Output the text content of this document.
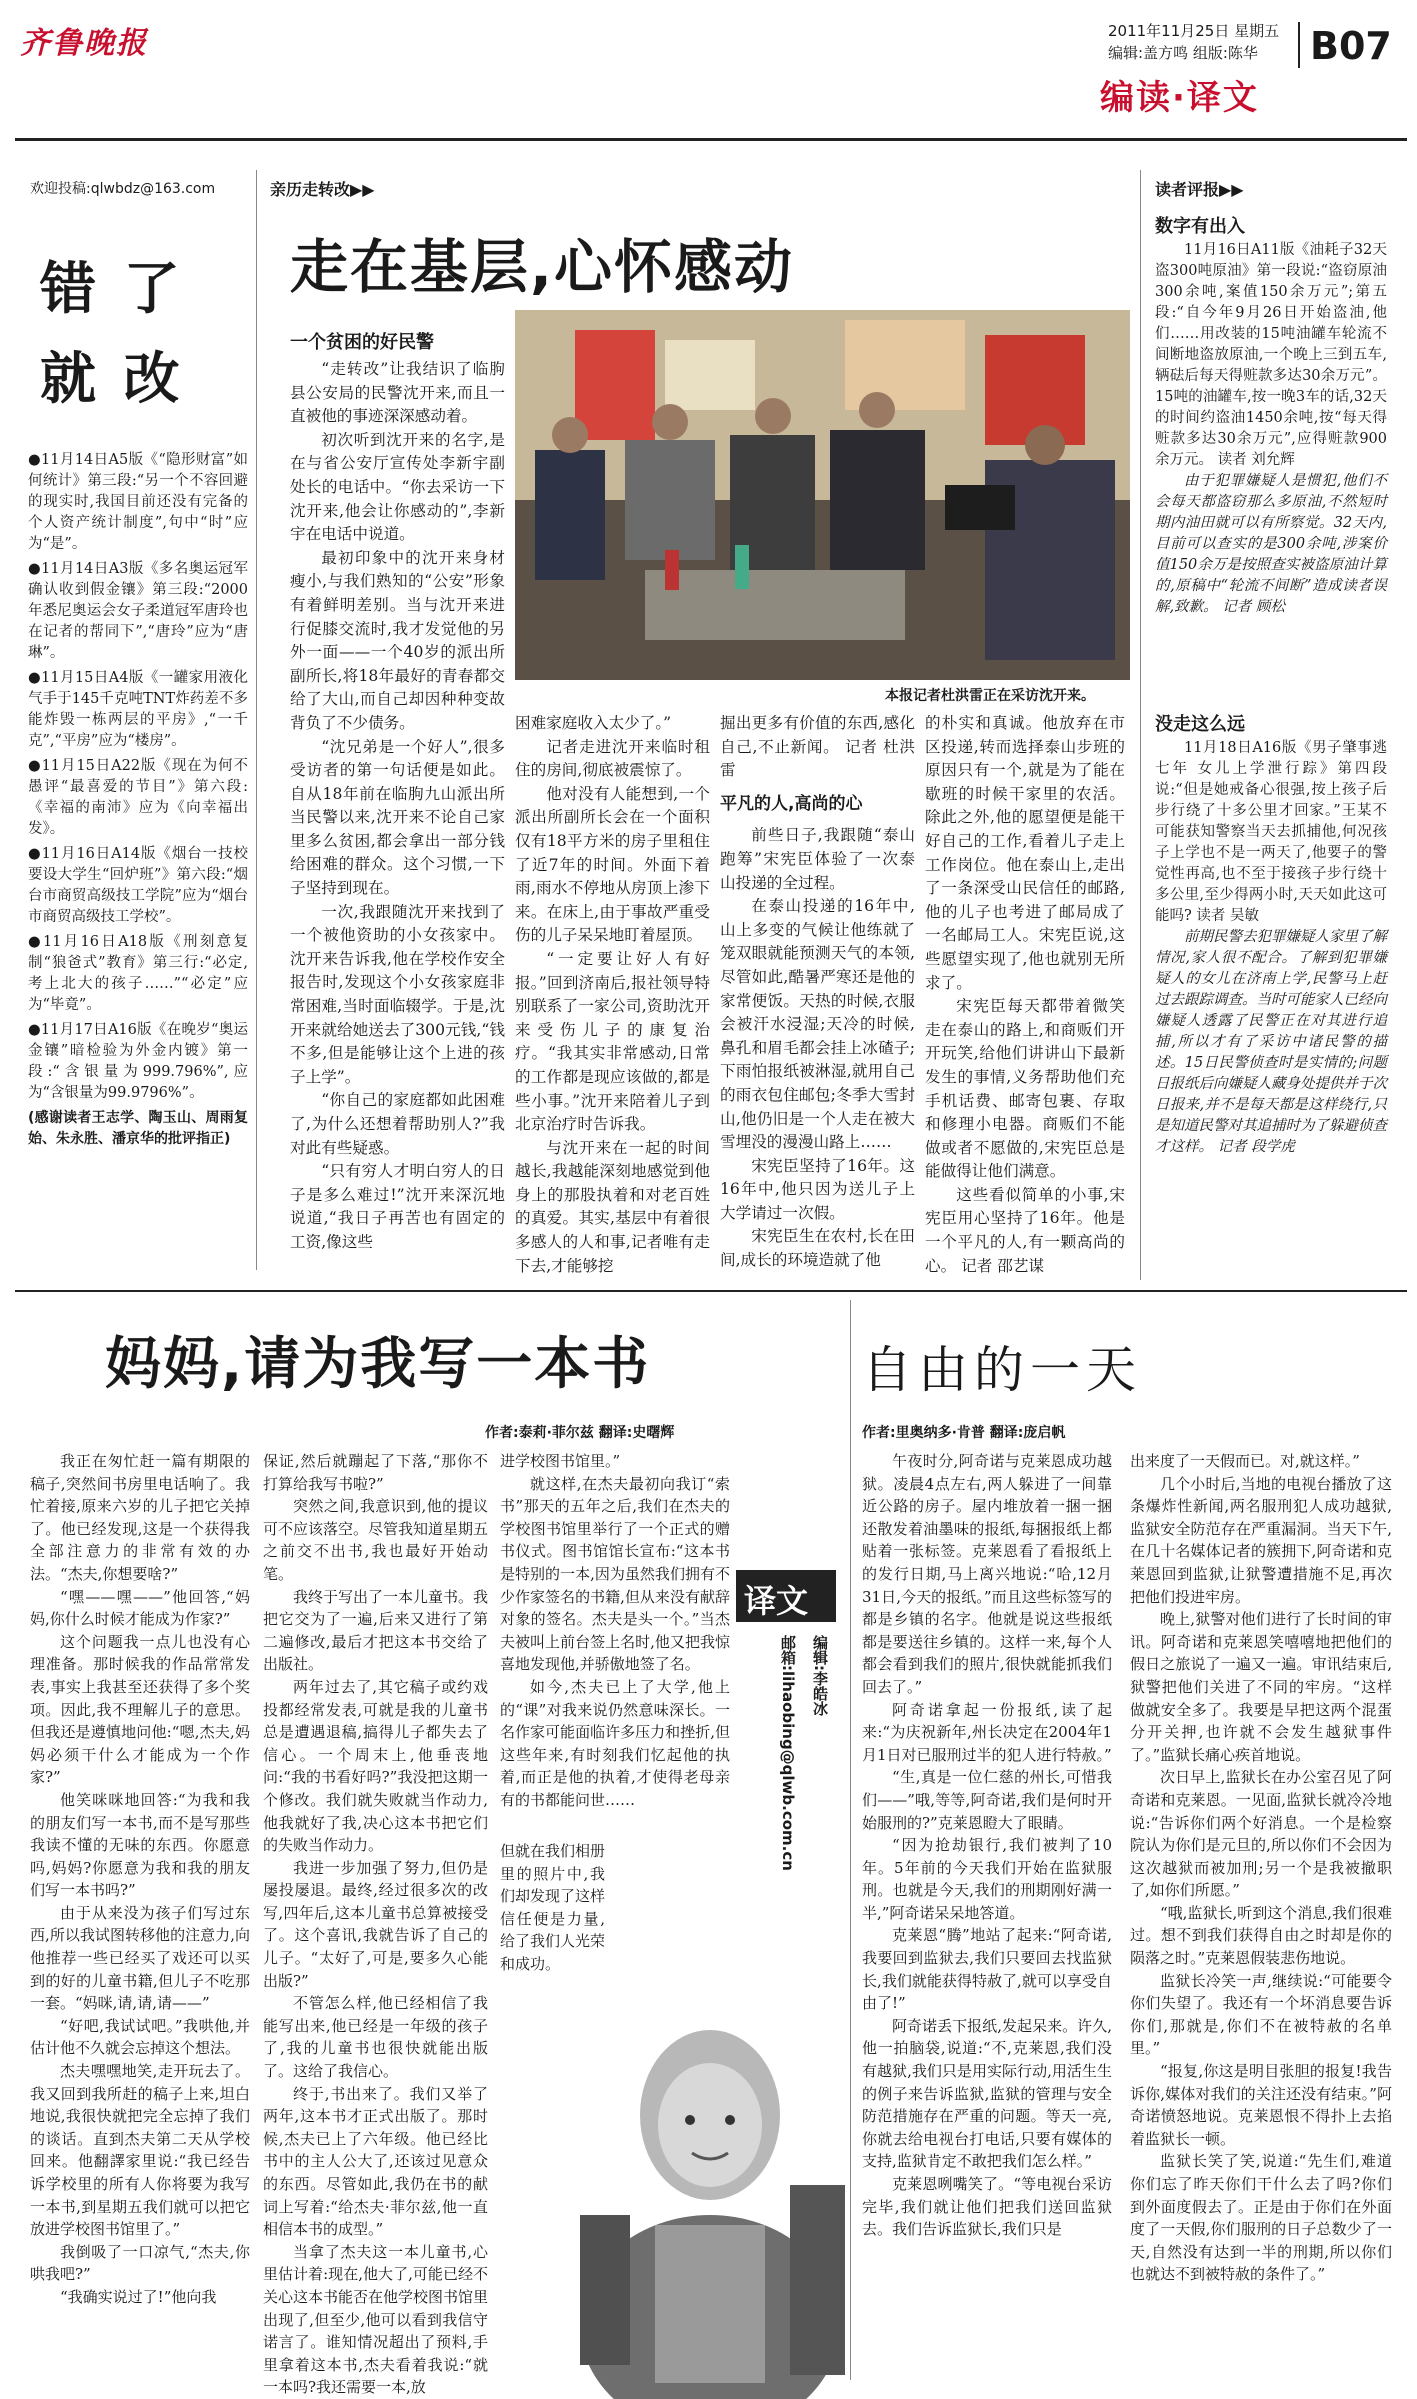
齐鲁晚报	2011年11月25日 星期五
编辑:盖方鸣 组版:陈华 B07
编读·译文
欢迎投稿:qlwbdz@163.com
错 了
就 改

●11月14日A5版《“隐形财富”如何统计》第三段:“另一个不容回避的现实时,我国目前还没有完备的个人资产统计制度”,句中“时”应为“是”。

●11月14日A3版《多名奥运冠军确认收到假金镶》第三段:“2000年悉尼奥运会女子柔道冠军唐玲也在记者的帮同下”,“唐玲”应为“唐琳”。

●11月15日A4版《一罐家用液化气手于145千克吨TNT炸药差不多能炸毁一栋两层的平房》,“一千克”,“平房”应为“楼房”。

●11月15日A22版《现在为何不愚评“最喜爱的节目”》第六段:《幸福的南沛》应为《向幸福出发》。

●11月16日A14版《烟台一技校要设大学生“回炉班”》第六段:“烟台市商贸高级技工学院”应为“烟台市商贸高级技工学校”。

●11月16日A18版《刑刻意复制“狼爸式”教育》第三行:“必定,考上北大的孩子……”“必定”应为“毕竟”。

●11月17日A16版《在晚岁“奥运金镶”暗检验为外金内镀》第一段:“含银量为999.796%”,应为“含银量为99.9796%”。

(感谢读者王志学、陶玉山、周雨复始、朱永胜、潘京华的批评指正)

亲历走转改▶▶
走在基层,心怀感动
一个贫困的好民警
本报记者杜洪雷正在采访沈开来。

“走转改”让我结识了临朐县公安局的民警沈开来,而且一直被他的事迹深深感动着。

初次听到沈开来的名字,是在与省公安厅宣传处李新宇副处长的电话中。“你去采访一下沈开来,他会让你感动的”,李新宇在电话中说道。

最初印象中的沈开来身材瘦小,与我们熟知的“公安”形象有着鲜明差别。当与沈开来进行促膝交流时,我才发觉他的另外一面——一个40岁的派出所副所长,将18年最好的青春都交给了大山,而自己却因种种变故背负了不少债务。

“沈兄弟是一个好人”,很多受访者的第一句话便是如此。自从18年前在临朐九山派出所当民警以来,沈开来不论自己家里多么贫困,都会拿出一部分钱给困难的群众。这个习惯,一下子坚持到现在。

一次,我跟随沈开来找到了一个被他资助的小女孩家中。沈开来告诉我,他在学校作安全报告时,发现这个小女孩家庭非常困难,当时面临辍学。于是,沈开来就给她送去了300元钱,“钱不多,但是能够让这个上进的孩子上学”。

“你自己的家庭都如此困难了,为什么还想着帮助别人?”我对此有些疑惑。

“只有穷人才明白穷人的日子是多么难过!”沈开来深沉地说道,“我日子再苦也有固定的工资,像这些

困难家庭收入太少了。”

记者走进沈开来临时租住的房间,彻底被震惊了。

他对没有人能想到,一个派出所副所长会在一个面积仅有18平方米的房子里租住了近7年的时间。外面下着雨,雨水不停地从房顶上渗下来。在床上,由于事故严重受伤的儿子呆呆地盯着屋顶。

“一定要让好人有好报。”回到济南后,报社领导特别联系了一家公司,资助沈开来受伤儿子的康复治疗。“我其实非常感动,日常的工作都是现应该做的,都是些小事。”沈开来陪着儿子到北京治疗时告诉我。

与沈开来在一起的时间越长,我越能深刻地感觉到他身上的那股执着和对老百姓的真爱。其实,基层中有着很多感人的人和事,记者唯有走下去,才能够挖

掘出更多有价值的东西,感化自己,不止新闻。 记者 杜洪雷

平凡的人,高尚的心

前些日子,我跟随“泰山跑筹”宋宪臣体验了一次泰山投递的全过程。

在泰山投递的16年中,山上多变的气候让他练就了笼双眼就能预测天气的本领,尽管如此,酷暑严寒还是他的家常便饭。天热的时候,衣服会被汗水浸湿;天冷的时候,鼻孔和眉毛都会挂上冰碴子;下雨怕报纸被淋湿,就用自己的雨衣包住邮包;冬季大雪封山,他仍旧是一个人走在被大雪埋没的漫漫山路上……

宋宪臣坚持了16年。这16年中,他只因为送儿子上大学请过一次假。

宋宪臣生在农村,长在田间,成长的环境造就了他

的朴实和真诚。他放弃在市区投递,转而选择泰山步班的原因只有一个,就是为了能在歇班的时候干家里的农活。除此之外,他的愿望便是能干好自己的工作,看着儿子走上工作岗位。他在泰山上,走出了一条深受山民信任的邮路,他的儿子也考进了邮局成了一名邮局工人。宋宪臣说,这些愿望实现了,他也就别无所求了。

宋宪臣每天都带着微笑走在泰山的路上,和商贩们开开玩笑,给他们讲讲山下最新发生的事情,义务帮助他们充手机话费、邮寄包裹、存取和修理小电器。商贩们不能做或者不愿做的,宋宪臣总是能做得让他们满意。

这些看似简单的小事,宋宪臣用心坚持了16年。他是一个平凡的人,有一颗高尚的心。 记者 邵艺谋

读者评报▶▶
数字有出入

11月16日A11版《油耗子32天盗300吨原油》第一段说:“盗窃原油300余吨,案值150余万元”;第五段:“自今年9月26日开始盗油,他们……用改装的15吨油罐车轮流不间断地盗放原油,一个晚上三到五车,辆砝后每天得赃款多达30余万元”。15吨的油罐车,按一晚3车的话,32天的时间约盗油1450余吨,按“每天得赃款多达30余万元”,应得赃款900余万元。 读者 刘允辉

由于犯罪嫌疑人是惯犯,他们不会每天都盗窃那么多原油,不然短时期内油田就可以有所察觉。32天内,目前可以查实的是300余吨,涉案价值150余万是按照查实被盗原油计算的,原稿中“轮流不间断”造成读者误解,致歉。 记者 顾松

没走这么远

11月18日A16版《男子肇事逃七年 女儿上学泄行踪》第四段说:“但是她戒备心很强,按上孩子后步行绕了十多公里才回家。”王某不可能获知警察当天去抓捕他,何况孩子上学也不是一两天了,他要子的警觉性再高,也不至于接孩子步行绕十多公里,至少得两小时,天天如此这可能吗? 读者 吴敏

前期民警去犯罪嫌疑人家里了解情况,家人很不配合。了解到犯罪嫌疑人的女儿在济南上学,民警马上赶过去跟踪调查。当时可能家人已经向嫌疑人透露了民警正在对其进行追捕,所以才有了采访中诸民警的描述。15日民警侦查时是实情的;问题日报纸后向嫌疑人藏身处提供并于次日报来,并不是每天都是这样绕行,只是知道民警对其追捕时为了躲避侦查才这样。 记者 段学虎

妈妈,请为我写一本书
作者:泰莉·菲尔兹 翻译:史曙辉

我正在匆忙赶一篇有期限的稿子,突然间书房里电话响了。我忙着接,原来六岁的儿子把它关掉了。他已经发现,这是一个获得我全部注意力的非常有效的办法。“杰夫,你想要啥?”

“嘿——嘿——”他回答,“妈妈,你什么时候才能成为作家?”

这个问题我一点儿也没有心理准备。那时候我的作品常常发表,事实上我甚至还获得了多个奖项。因此,我不理解儿子的意思。但我还是遵慎地问他:“嗯,杰夫,妈妈必须干什么才能成为一个作家?”

他笑咪咪地回答:“为我和我的朋友们写一本书,而不是写那些我读不懂的无味的东西。你愿意吗,妈妈?你愿意为我和我的朋友们写一本书吗?”

由于从来没为孩子们写过东西,所以我试图转移他的注意力,向他推荐一些已经买了戏还可以买到的好的儿童书籍,但儿子不吃那一套。“妈咪,请,请,请——”

“好吧,我试试吧。”我哄他,并估计他不久就会忘掉这个想法。

杰夫嘿嘿地笑,走开玩去了。我又回到我所赶的稿子上来,坦白地说,我很快就把完全忘掉了我们的谈话。直到杰夫第二天从学校回来。他翻譯家里说:“我已经告诉学校里的所有人你将要为我写一本书,到星期五我们就可以把它放进学校图书馆里了。”

我倒吸了一口凉气,“杰夫,你哄我吧?”

“我确实说过了!”他向我

保证,然后就蹦起了下落,“那你不打算给我写书啦?”

突然之间,我意识到,他的提议可不应该落空。尽管我知道星期五之前交不出书,我也最好开始动笔。

我终于写出了一本儿童书。我把它交为了一遍,后来又进行了第二遍修改,最后才把这本书交给了出版社。

两年过去了,其它稿子或约戏投都经常发表,可就是我的儿童书总是遭遇退稿,搞得儿子都失去了信心。一个周末上,他垂丧地问:“我的书看好吗?”我没把这期一个修改。我们就失败就当作动力,他我就好了我,决心这本书把它们的失败当作动力。

我进一步加强了努力,但仍是屡投屡退。最终,经过很多次的改写,四年后,这本儿童书总算被接受了。这个喜讯,我就告诉了自己的儿子。“太好了,可是,要多久心能出版?”

不管怎么样,他已经相信了我能写出来,他已经是一年级的孩子了,我的儿童书也很快就能出版了。这给了我信心。

终于,书出来了。我们又举了两年,这本书才正式出版了。那时候,杰夫已上了六年级。他已经比书中的主人公大了,还该过见意众的东西。尽管如此,我仍在书的献词上写着:“给杰夫·菲尔兹,他一直相信本书的成型。”

当拿了杰夫这一本儿童书,心里估计着:现在,他大了,可能已经不关心这本书能否在他学校图书馆里出现了,但至少,他可以看到我信守诺言了。谁知情况超出了预料,手里拿着这本书,杰夫看着我说:“就一本吗?我还需要一本,放

进学校图书馆里。”

就这样,在杰夫最初向我订“索书”那天的五年之后,我们在杰夫的学校图书馆里举行了一个正式的赠书仪式。图书馆馆长宣布:“这本书是特别的一本,因为虽然我们拥有不少作家签名的书籍,但从来没有献辞对象的签名。杰夫是头一个。”当杰夫被叫上前台签上名时,他又把我惊喜地发现他,并骄傲地签了名。

如今,杰夫已上了大学,他上的“课”对我来说仍然意味深长。一名作家可能面临许多压力和挫折,但这些年来,有时刻我们忆起他的执着,而正是他的执着,才使得老母亲有的书都能问世……

但就在我们相册里的照片中,我们却发现了这样信任便是力量,给了我们人光荣和成功。

译文
编辑:李皓冰
邮箱:lihaobing@qlwb.com.cn
自由的一天
作者:里奥纳多·肯普 翻译:庞启帆

午夜时分,阿奇诺与克莱恩成功越狱。凌晨4点左右,两人躲进了一间靠近公路的房子。屋内堆放着一捆一捆还散发着油墨味的报纸,每捆报纸上都贴着一张标签。克莱恩看了看报纸上的发行日期,马上离兴地说:“哈,12月31日,今天的报纸。”而且这些标签写的都是乡镇的名字。他就是说这些报纸都是要送往乡镇的。这样一来,每个人都会看到我们的照片,很快就能抓我们回去了。”

阿奇诺拿起一份报纸,读了起来:“为庆祝新年,州长决定在2004年1月1日对已服刑过半的犯人进行特赦。”

“生,真是一位仁慈的州长,可惜我们——”哦,等等,阿奇诺,我们是何时开始服刑的?”克莱恩瞪大了眼睛。

“因为抢劫银行,我们被判了10年。5年前的今天我们开始在监狱服刑。也就是今天,我们的刑期刚好满一半,”阿奇诺呆呆地答道。

克莱恩“腾”地站了起来:“阿奇诺,我要回到监狱去,我们只要回去找监狱长,我们就能获得特赦了,就可以享受自由了!”

阿奇诺丢下报纸,发起呆来。许久,他一拍脑袋,说道:“不,克莱恩,我们没有越狱,我们只是用实际行动,用活生生的例子来告诉监狱,监狱的管理与安全防范措施存在严重的问题。等天一亮,你就去给电视台打电话,只要有媒体的支持,监狱肯定不敢把我们怎么样。”

克莱恩咧嘴笑了。“等电视台采访完毕,我们就让他们把我们送回监狱去。我们告诉监狱长,我们只是

出来度了一天假而已。对,就这样。”

几个小时后,当地的电视台播放了这条爆炸性新闻,两名服刑犯人成功越狱,监狱安全防范存在严重漏洞。当天下午,在几十名媒体记者的簇拥下,阿奇诺和克莱恩回到监狱,让狱警遭措施不足,再次把他们投进牢房。

晚上,狱警对他们进行了长时间的审讯。阿奇诺和克莱恩笑嘻嘻地把他们的假日之旅说了一遍又一遍。审讯结束后,狱警把他们关进了不同的牢房。“这样做就安全多了。我要是早把这两个混蛋分开关押,也许就不会发生越狱事件了。”监狱长痛心疾首地说。

次日早上,监狱长在办公室召见了阿奇诺和克莱恩。一见面,监狱长就冷冷地说:“告诉你们两个好消息。一个是检察院认为你们是元旦的,所以你们不会因为这次越狱而被加刑;另一个是我被撤职了,如你们所愿。”

“哦,监狱长,听到这个消息,我们很难过。想不到我们获得自由之时却是你的陨落之时。”克莱恩假装悲伤地说。

监狱长冷笑一声,继续说:“可能要令你们失望了。我还有一个坏消息要告诉你们,那就是,你们不在被特赦的名单里。”

“报复,你这是明目张胆的报复!我告诉你,媒体对我们的关注还没有结束。”阿奇诺愤怒地说。克莱恩恨不得扑上去掐着监狱长一顿。

监狱长笑了笑,说道:“先生们,难道你们忘了昨天你们干什么去了吗?你们到外面度假去了。正是由于你们在外面度了一天假,你们服刑的日子总数少了一天,自然没有达到一半的刑期,所以你们也就达不到被特赦的条件了。”
